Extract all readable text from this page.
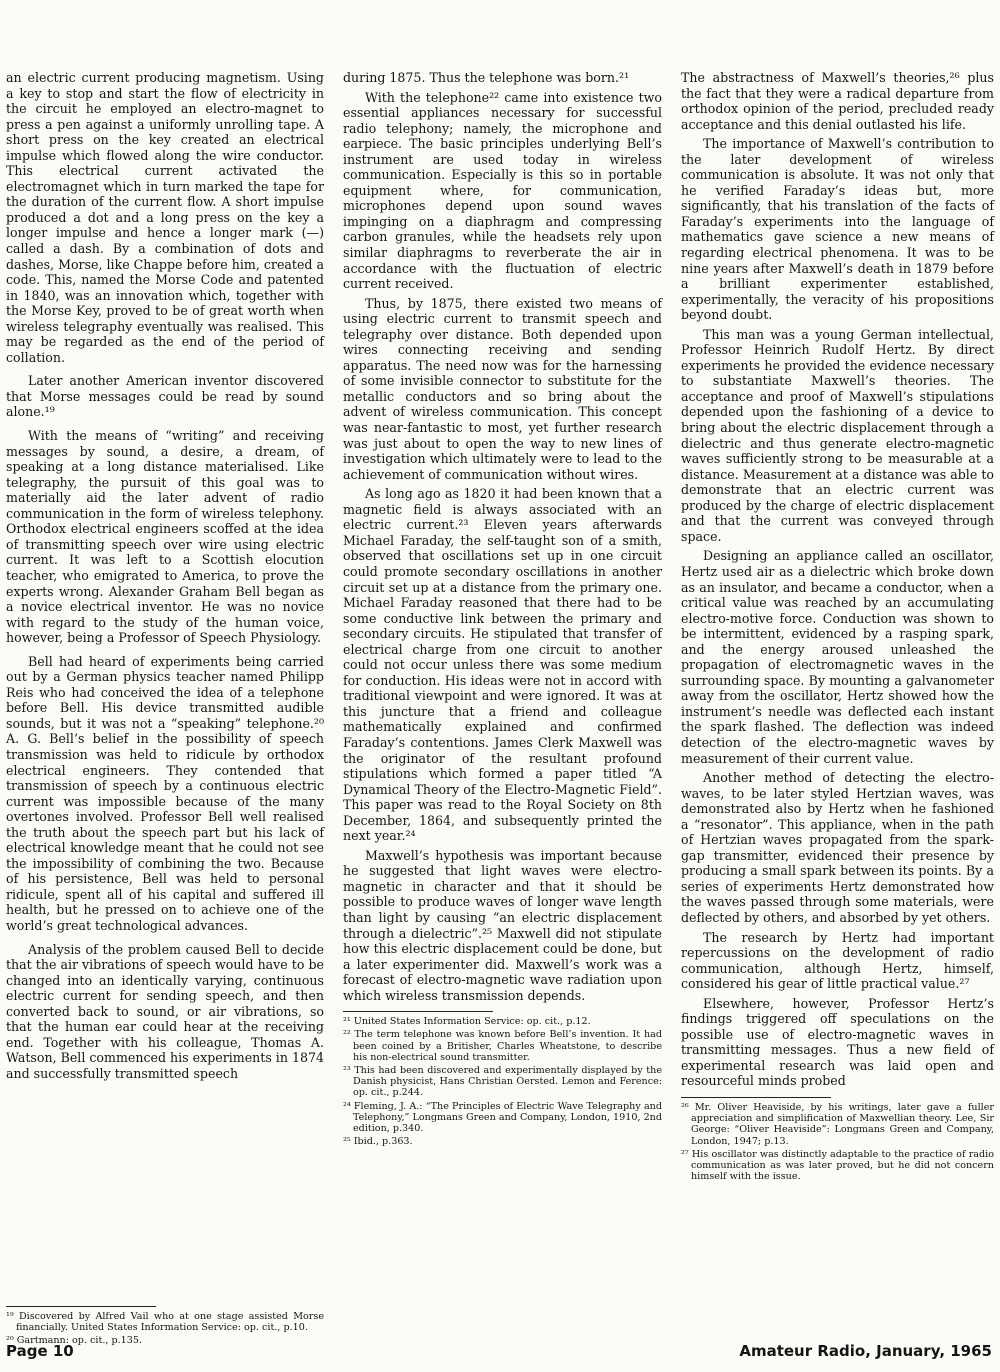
an electric current producing magnetism. Using a key to stop and start the flow of electricity in the circuit he employed an electro-magnet to press a pen against a uniformly unrolling tape. A short press on the key created an electrical impulse which flowed along the wire conductor. This electrical current activated the electromagnet which in turn marked the tape for the duration of the current flow. A short impulse produced a dot and a long press on the key a longer impulse and hence a longer mark (—) called a dash. By a combination of dots and dashes, Morse, like Chappe before him, created a code. This, named the Morse Code and patented in 1840, was an innovation which, together with the Morse Key, proved to be of great worth when wireless telegraphy eventually was realised. This may be regarded as the end of the period of collation.

Later another American inventor discovered that Morse messages could be read by sound alone.¹⁹

With the means of “writing” and receiving messages by sound, a desire, a dream, of speaking at a long distance materialised. Like telegraphy, the pursuit of this goal was to materially aid the later advent of radio communication in the form of wireless telephony. Orthodox electrical engineers scoffed at the idea of transmitting speech over wire using electric current. It was left to a Scottish elocution teacher, who emigrated to America, to prove the experts wrong. Alexander Graham Bell began as a novice electrical inventor. He was no novice with regard to the study of the human voice, however, being a Professor of Speech Physiology.

Bell had heard of experiments being carried out by a German physics teacher named Philipp Reis who had conceived the idea of a telephone before Bell. His device transmitted audible sounds, but it was not a “speaking” telephone.²⁰ A. G. Bell’s belief in the possibility of speech transmission was held to ridicule by orthodox electrical engineers. They contended that transmission of speech by a continuous electric current was impossible because of the many overtones involved. Professor Bell well realised the truth about the speech part but his lack of electrical knowledge meant that he could not see the impossibility of combining the two. Because of his persistence, Bell was held to personal ridicule, spent all of his capital and suffered ill health, but he pressed on to achieve one of the world’s great technological advances.

Analysis of the problem caused Bell to decide that the air vibrations of speech would have to be changed into an identically varying, continuous electric current for sending speech, and then converted back to sound, or air vibrations, so that the human ear could hear at the receiving end. Together with his colleague, Thomas A. Watson, Bell commenced his experiments in 1874 and successfully transmitted speech

¹⁹ Discovered by Alfred Vail who at one stage assisted Morse financially. United States Information Service: op. cit., p.10.

²⁰ Gartmann: op. cit., p.135.

during 1875. Thus the telephone was born.²¹

With the telephone²² came into existence two essential appliances necessary for successful radio telephony; namely, the microphone and earpiece. The basic principles underlying Bell’s instrument are used today in wireless communication. Especially is this so in portable equipment where, for communication, microphones depend upon sound waves impinging on a diaphragm and compressing carbon granules, while the headsets rely upon similar diaphragms to reverberate the air in accordance with the fluctuation of electric current received.

Thus, by 1875, there existed two means of using electric current to transmit speech and telegraphy over distance. Both depended upon wires connecting receiving and sending apparatus. The need now was for the harnessing of some invisible connector to substitute for the metallic conductors and so bring about the advent of wireless communication. This concept was near-fantastic to most, yet further research was just about to open the way to new lines of investigation which ultimately were to lead to the achievement of communication without wires.

As long ago as 1820 it had been known that a magnetic field is always associated with an electric current.²³ Eleven years afterwards Michael Faraday, the self-taught son of a smith, observed that oscillations set up in one circuit could promote secondary oscillations in another circuit set up at a distance from the primary one. Michael Faraday reasoned that there had to be some conductive link between the primary and secondary circuits. He stipulated that transfer of electrical charge from one circuit to another could not occur unless there was some medium for conduction. His ideas were not in accord with traditional viewpoint and were ignored. It was at this juncture that a friend and colleague mathematically explained and confirmed Faraday’s contentions. James Clerk Maxwell was the originator of the resultant profound stipulations which formed a paper titled “A Dynamical Theory of the Electro-Magnetic Field”. This paper was read to the Royal Society on 8th December, 1864, and subsequently printed the next year.²⁴

Maxwell’s hypothesis was important because he suggested that light waves were electro-magnetic in character and that it should be possible to produce waves of longer wave length than light by causing “an electric displacement through a dielectric”.²⁵ Maxwell did not stipulate how this electric displacement could be done, but a later experimenter did. Maxwell’s work was a forecast of electro-magnetic wave radiation upon which wireless transmission depends.

²¹ United States Information Service: op. cit., p.12.

²² The term telephone was known before Bell’s invention. It had been coined by a Britisher, Charles Wheatstone, to describe his non-electrical sound transmitter.

²³ This had been discovered and experimentally displayed by the Danish physicist, Hans Christian Oersted. Lemon and Ference: op. cit., p.244.

²⁴ Fleming, J. A.: “The Principles of Electric Wave Telegraphy and Telephony,” Longmans Green and Company, London, 1910, 2nd edition, p.340.

²⁵ Ibid., p.363.

The abstractness of Maxwell’s theories,²⁶ plus the fact that they were a radical departure from orthodox opinion of the period, precluded ready acceptance and this denial outlasted his life.

The importance of Maxwell’s contribution to the later development of wireless communication is absolute. It was not only that he verified Faraday’s ideas but, more significantly, that his translation of the facts of Faraday’s experiments into the language of mathematics gave science a new means of regarding electrical phenomena. It was to be nine years after Maxwell’s death in 1879 before a brilliant experimenter established, experimentally, the veracity of his propositions beyond doubt.

This man was a young German intellectual, Professor Heinrich Rudolf Hertz. By direct experiments he provided the evidence necessary to substantiate Maxwell’s theories. The acceptance and proof of Maxwell’s stipulations depended upon the fashioning of a device to bring about the electric displacement through a dielectric and thus generate electro-magnetic waves sufficiently strong to be measurable at a distance. Measurement at a distance was able to demonstrate that an electric current was produced by the charge of electric displacement and that the current was conveyed through space.

Designing an appliance called an oscillator, Hertz used air as a dielectric which broke down as an insulator, and became a conductor, when a critical value was reached by an accumulating electro-motive force. Conduction was shown to be intermittent, evidenced by a rasping spark, and the energy aroused unleashed the propagation of electromagnetic waves in the surrounding space. By mounting a galvanometer away from the oscillator, Hertz showed how the instrument’s needle was deflected each instant the spark flashed. The deflection was indeed detection of the electro-magnetic waves by measurement of their current value.

Another method of detecting the electro-waves, to be later styled Hertzian waves, was demonstrated also by Hertz when he fashioned a “resonator”. This appliance, when in the path of Hertzian waves propagated from the spark-gap transmitter, evidenced their presence by producing a small spark between its points. By a series of experiments Hertz demonstrated how the waves passed through some materials, were deflected by others, and absorbed by yet others.

The research by Hertz had important repercussions on the development of radio communication, although Hertz, himself, considered his gear of little practical value.²⁷

Elsewhere, however, Professor Hertz’s findings triggered off speculations on the possible use of electro-magnetic waves in transmitting messages. Thus a new field of experimental research was laid open and resourceful minds probed

²⁶ Mr. Oliver Heaviside, by his writings, later gave a fuller appreciation and simplification of Maxwellian theory. Lee, Sir George: “Oliver Heaviside”: Longmans Green and Company, London, 1947; p.13.

²⁷ His oscillator was distinctly adaptable to the practice of radio communication as was later proved, but he did not concern himself with the issue.

Page 10	Amateur Radio, January, 1965
